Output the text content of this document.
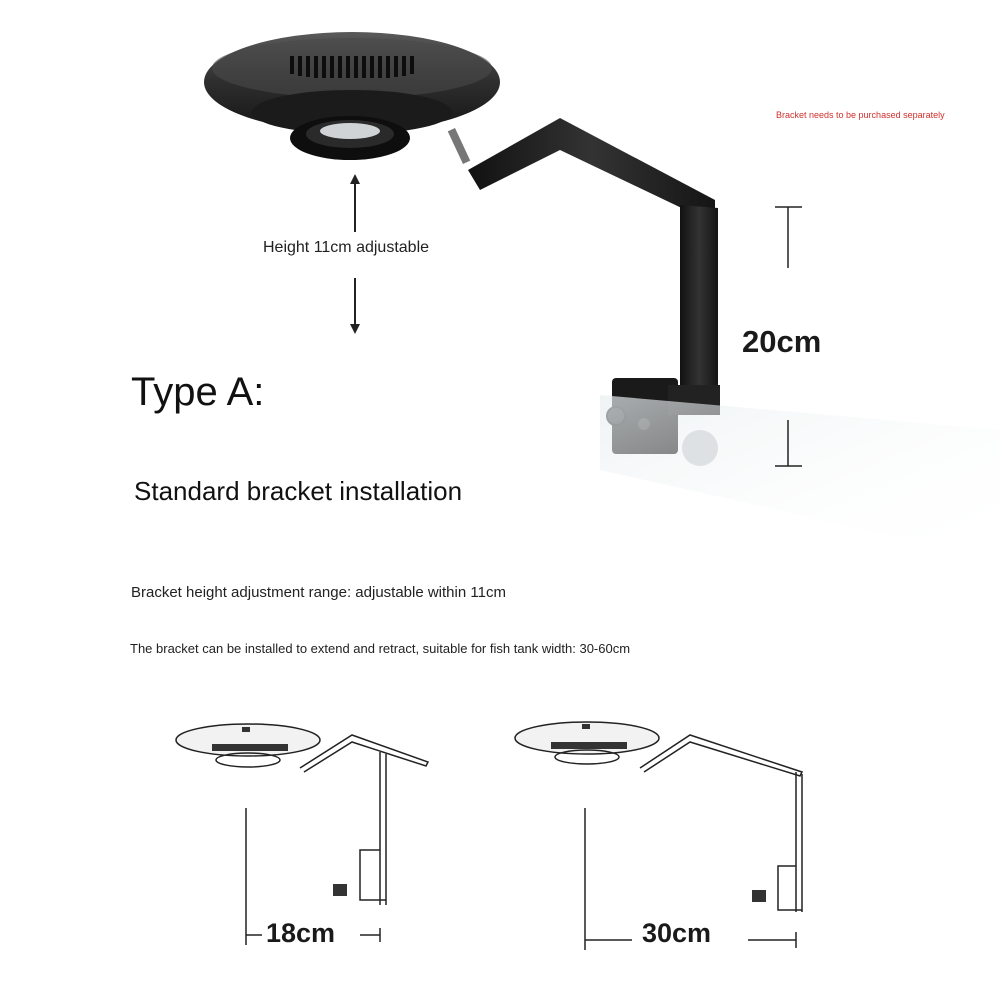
Bracket needs to be purchased separately
Height 11cm adjustable
20cm
Type A:
Standard bracket installation
Bracket height adjustment range: adjustable within 11cm
The bracket can be installed to extend and retract, suitable for fish tank width: 30-60cm
18cm	30cm
